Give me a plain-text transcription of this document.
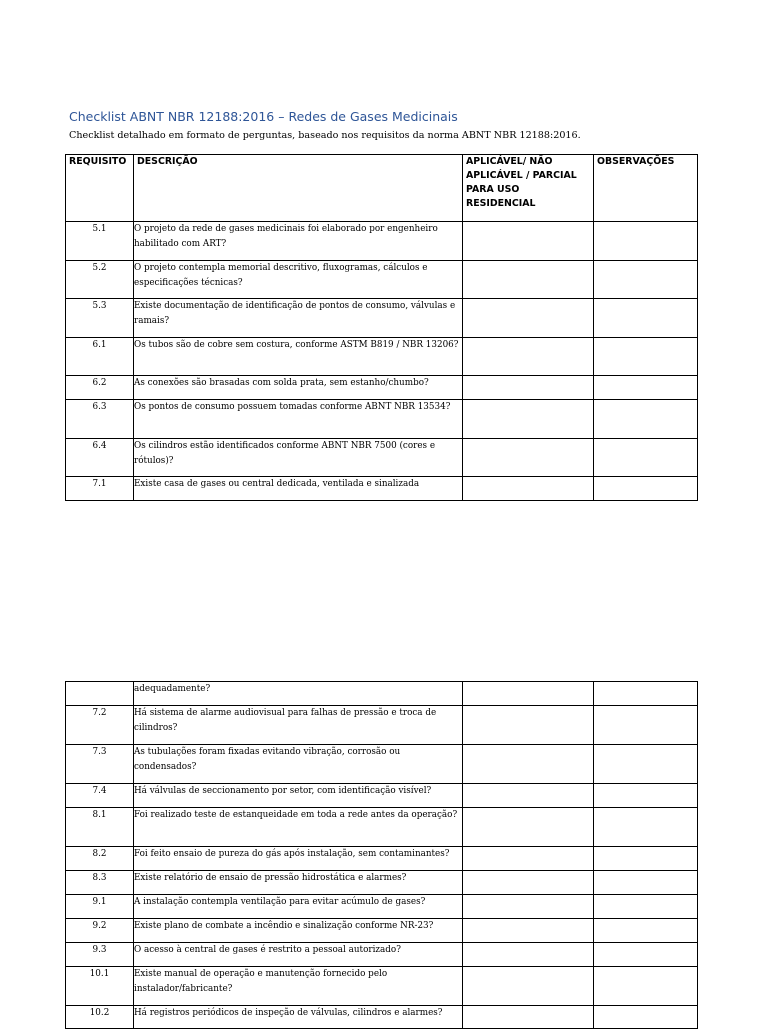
Checklist ABNT NBR 12188:2016 – Redes de Gases Medicinais

Checklist detalhado em formato de perguntas, baseado nos requisitos da norma ABNT NBR 12188:2016.

REQUISITO	DESCRIÇÃO	APLICÁVEL/ NÃO APLICÁVEL / PARCIAL PARA USO RESIDENCIAL	OBSERVAÇÕES
5.1	O projeto da rede de gases medicinais foi elaborado por engenheiro habilitado com ART?		
5.2	O projeto contempla memorial descritivo, fluxogramas, cálculos e especificações técnicas?		
5.3	Existe documentação de identificação de pontos de consumo, válvulas e ramais?		
6.1	Os tubos são de cobre sem costura, conforme ASTM B819 / NBR 13206?		
6.2	As conexões são brasadas com solda prata, sem estanho/chumbo?		
6.3	Os pontos de consumo possuem tomadas conforme ABNT NBR 13534?		
6.4	Os cilindros estão identificados conforme ABNT NBR 7500 (cores e rótulos)?		
7.1	Existe casa de gases ou central dedicada, ventilada e sinalizada		
	adequadamente?		
7.2	Há sistema de alarme audiovisual para falhas de pressão e troca de cilindros?		
7.3	As tubulações foram fixadas evitando vibração, corrosão ou condensados?		
7.4	Há válvulas de seccionamento por setor, com identificação visível?		
8.1	Foi realizado teste de estanqueidade em toda a rede antes da operação?		
8.2	Foi feito ensaio de pureza do gás após instalação, sem contaminantes?		
8.3	Existe relatório de ensaio de pressão hidrostática e alarmes?		
9.1	A instalação contempla ventilação para evitar acúmulo de gases?		
9.2	Existe plano de combate a incêndio e sinalização conforme NR-23?		
9.3	O acesso à central de gases é restrito a pessoal autorizado?		
10.1	Existe manual de operação e manutenção fornecido pelo instalador/fabricante?		
10.2	Há registros periódicos de inspeção de válvulas, cilindros e alarmes?		
